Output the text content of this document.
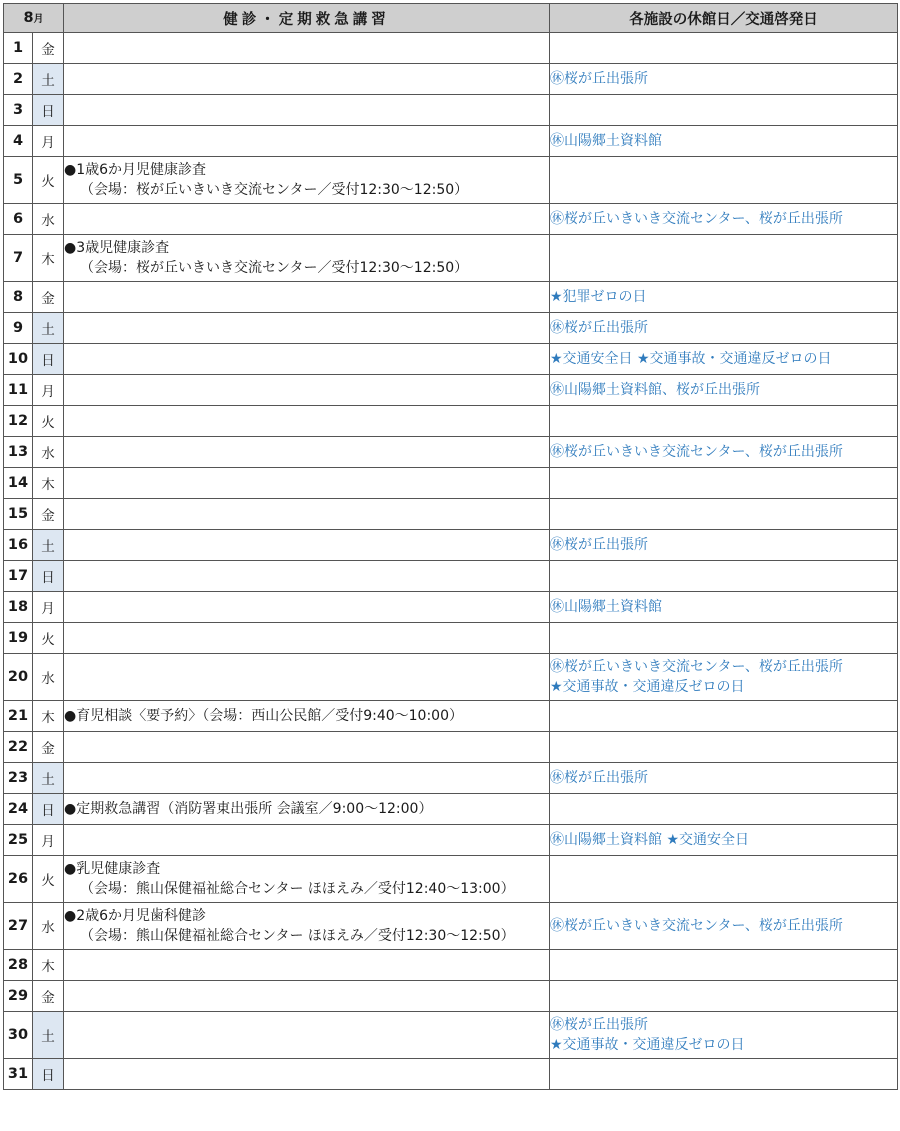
8月		健診・定期救急講習	各施設の休館日／交通啓発日
1	金		
2	土		㊡桜が丘出張所

3	日		
4	月		㊡山陽郷土資料館

5	火	●1歳6か月児健康診査
（会場：桜が丘いきいき交流センター／受付12:30〜12:50）	

6	水		㊡桜が丘いきいき交流センター、桜が丘出張所

7	木	●3歳児健康診査
（会場：桜が丘いきいき交流センター／受付12:30〜12:50）	

8	金		★犯罪ゼロの日

9	土		㊡桜が丘出張所

10	日		★交通安全日 ★交通事故・交通違反ゼロの日

11	月		㊡山陽郷土資料館、桜が丘出張所

12	火		
13	水		㊡桜が丘いきいき交流センター、桜が丘出張所

14	木		
15	金		
16	土		㊡桜が丘出張所

17	日		
18	月		㊡山陽郷土資料館

19	火		
20	水		㊡桜が丘いきいき交流センター、桜が丘出張所
★交通事故・交通違反ゼロの日

21	木	●育児相談〈要予約〉（会場：西山公民館／受付9:40〜10:00）	

22	金		
23	土		㊡桜が丘出張所

24	日	●定期救急講習（消防署東出張所 会議室／9:00〜12:00）	

25	月		㊡山陽郷土資料館 ★交通安全日

26	火	●乳児健康診査
（会場：熊山保健福祉総合センター ほほえみ／受付12:40〜13:00）	

27	水	●2歳6か月児歯科健診
（会場：熊山保健福祉総合センター ほほえみ／受付12:30〜12:50）	㊡桜が丘いきいき交流センター、桜が丘出張所

28	木		
29	金		
30	土		㊡桜が丘出張所
★交通事故・交通違反ゼロの日

31	日		
